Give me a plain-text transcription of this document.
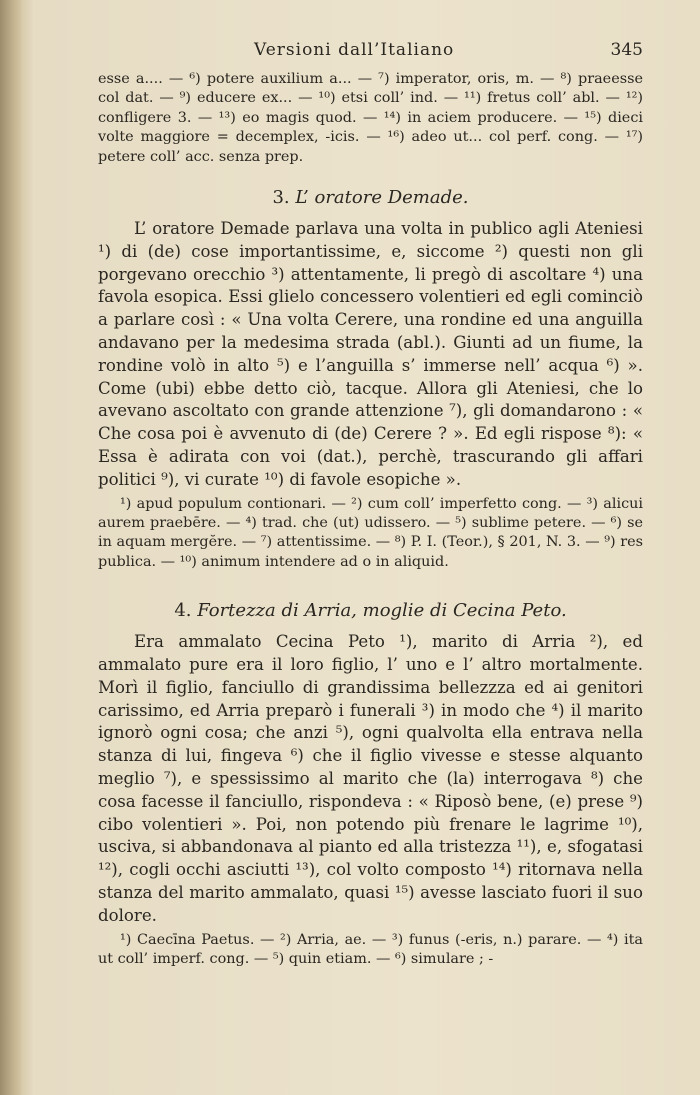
Versioni dall’Italiano	345

esse a.... — ⁶) potere auxilium a... — ⁷) imperator, oris, m. — ⁸) praeesse col dat. — ⁹) educere ex... — ¹⁰) etsi coll’ ind. — ¹¹) fretus coll’ abl. — ¹²) confligere 3. — ¹³) eo magis quod. — ¹⁴) in aciem producere. — ¹⁵) dieci volte maggiore = decemplex, -icis. — ¹⁶) adeo ut... col perf. cong. — ¹⁷) petere coll’ acc. senza prep.

3. L’ oratore Demade.

L’ oratore Demade parlava una volta in publico agli Ateniesi ¹) di (de) cose importantissime, e, siccome ²) questi non gli porgevano orecchio ³) attentamente, li pregò di ascoltare ⁴) una favola esopica. Essi glielo concessero volentieri ed egli cominciò a parlare così : « Una volta Cerere, una rondine ed una anguilla andavano per la medesima strada (abl.). Giunti ad un fiume, la rondine volò in alto ⁵) e l’anguilla s’ immerse nell’ acqua ⁶) ». Come (ubi) ebbe detto ciò, tacque. Allora gli Ateniesi, che lo avevano ascoltato con grande attenzione ⁷), gli domandarono : « Che cosa poi è avvenuto di (de) Cerere ? ». Ed egli rispose ⁸): « Essa è adirata con voi (dat.), perchè, trascurando gli affari politici ⁹), vi curate ¹⁰) di favole esopiche ».

¹) apud populum contionari. — ²) cum coll’ imperfetto cong. — ³) alicui aurem praebēre. — ⁴) trad. che (ut) udissero. — ⁵) sublime petere. — ⁶) se in aquam mergĕre. — ⁷) attentissime. — ⁸) P. I. (Teor.), § 201, N. 3. — ⁹) res publica. — ¹⁰) animum intendere ad o in aliquid.

4. Fortezza di Arria, moglie di Cecina Peto.

Era ammalato Cecina Peto ¹), marito di Arria ²), ed ammalato pure era il loro figlio, l’ uno e l’ altro mortalmente. Morì il figlio, fanciullo di grandissima bellezzza ed ai genitori carissimo, ed Arria preparò i funerali ³) in modo che ⁴) il marito ignorò ogni cosa; che anzi ⁵), ogni qualvolta ella entrava nella stanza di lui, fingeva ⁶) che il figlio vivesse e stesse alquanto meglio ⁷), e spessissimo al marito che (la) interrogava ⁸) che cosa facesse il fanciullo, rispondeva : « Riposò bene, (e) prese ⁹) cibo volentieri ». Poi, non potendo più frenare le lagrime ¹⁰), usciva, si abbandonava al pianto ed alla tristezza ¹¹), e, sfogatasi ¹²), cogli occhi asciutti ¹³), col volto composto ¹⁴) ritornava nella stanza del marito ammalato, quasi ¹⁵) avesse lasciato fuori il suo dolore.

¹) Caecīna Paetus. — ²) Arria, ae. — ³) funus (-eris, n.) parare. — ⁴) ita ut coll’ imperf. cong. — ⁵) quin etiam. — ⁶) simulare ; -
